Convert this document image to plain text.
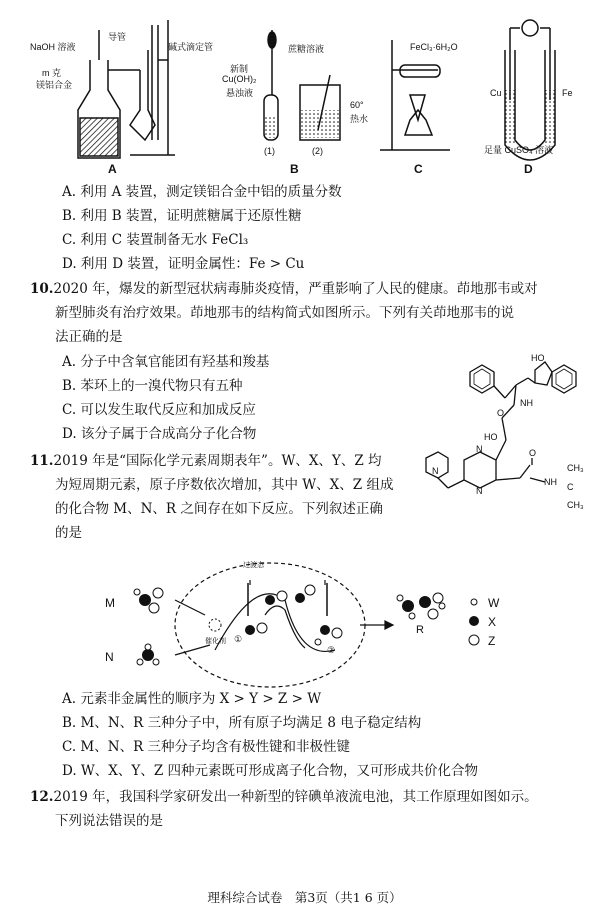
NaOH 溶液
导管
碱式滴定管
m 克
镁铝合金
A
新制
Cu(OH)₂
悬浊液
蔗糖溶液
60°
热水
(1)	(2)
B
FeCl₃·6H₂O
C
Cu	Fe
足量 CuSO₄ 溶液
D
A. 利用 A 装置，测定镁铝合金中铝的质量分数
B. 利用 B 装置，证明蔗糖属于还原性糖
C. 利用 C 装置制备无水 FeCl₃
D. 利用 D 装置，证明金属性：Fe > Cu
10.2020 年，爆发的新型冠状病毒肺炎疫情，严重影响了人民的健康。茚地那韦或对
新型肺炎有治疗效果。茚地那韦的结构简式如图所示。下列有关茚地那韦的说
法正确的是
A. 分子中含氧官能团有羟基和羧基
B. 苯环上的一溴代物只有五种
C. 可以发生取代反应和加成反应
D. 该分子属于合成高分子化合物
HO
NH
O
HO
N
N
N
O
NH
CH₃
C
CH₃
11.2019 年是“国际化学元素周期表年”。W、X、Y、Z 均
为短周期元素，原子序数依次增加，其中 W、X、Z 组成
的化合物 M、N、R 之间存在如下反应。下列叙述正确
的是
M
N
R
过渡态
催化剂 ①
②
W
X
Z
A. 元素非金属性的顺序为 X > Y > Z > W
B. M、N、R 三种分子中，所有原子均满足 8 电子稳定结构
C. M、N、R 三种分子均含有极性键和非极性键
D. W、X、Y、Z 四种元素既可形成离子化合物，又可形成共价化合物
12.2019 年，我国科学家研发出一种新型的锌碘单液流电池，其工作原理如图如示。
下列说法错误的是
理科综合试卷　第3页（共1 6 页）
